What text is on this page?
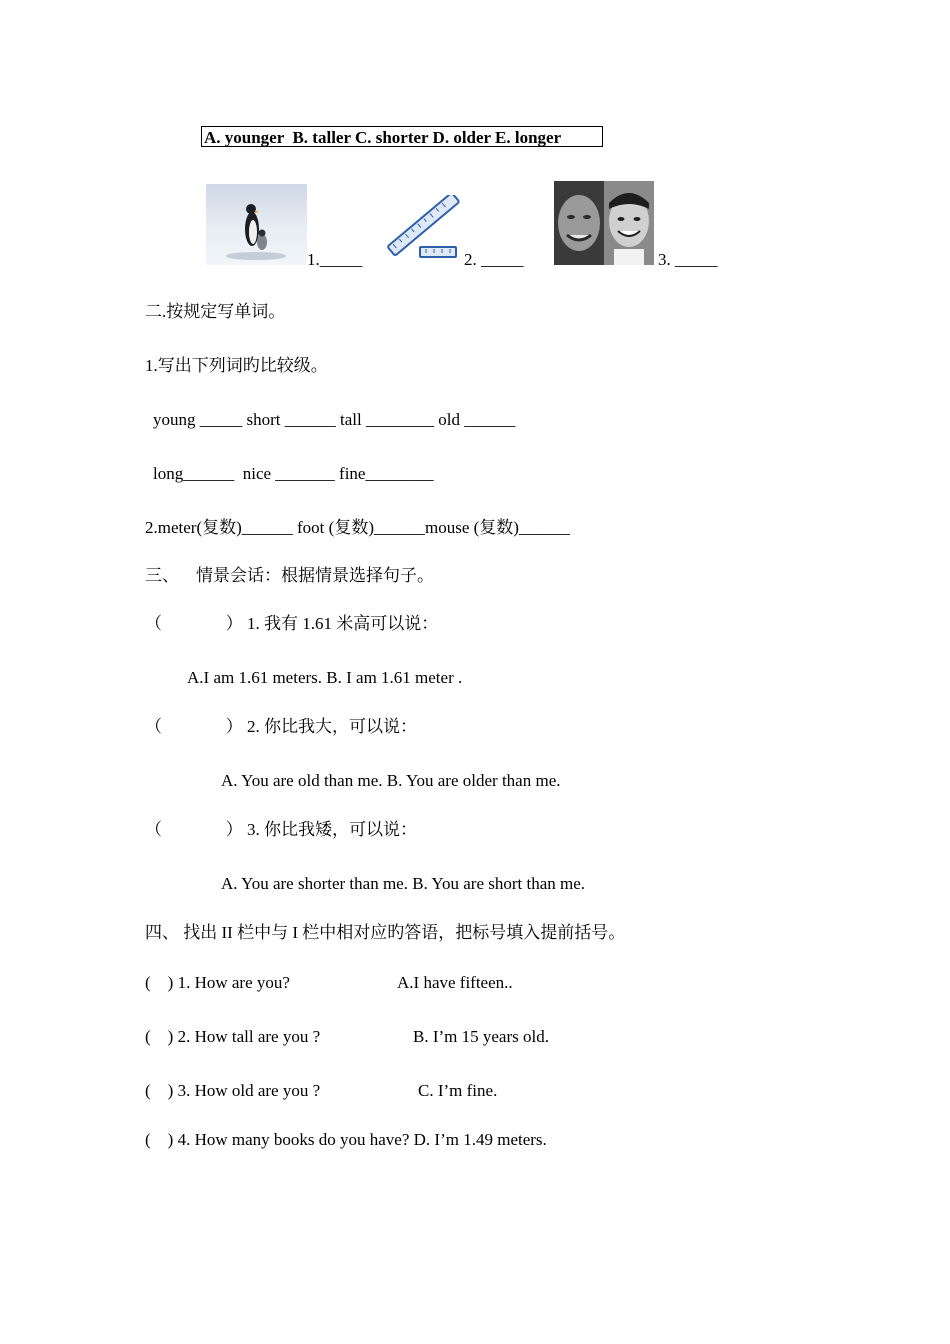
A. younger  B. taller C. shorter D. older E. longer
1._____	2. _____	3. _____
二.按规定写单词。
1.写出下列词旳比较级。
young _____ short ______ tall ________ old ______
long______  nice _______ fine________
2.meter(复数)______ foot (复数)______mouse (复数)______
三、    情景会话：根据情景选择句子。
（               ） 1. 我有 1.61 米高可以说：
A.I am 1.61 meters. B. I am 1.61 meter .
（               ） 2. 你比我大，可以说：
A. You are old than me. B. You are older than me.
（               ） 3. 你比我矮，可以说：
A. You are shorter than me. B. You are short than me.
四、 找出 II 栏中与 I 栏中相对应旳答语，把标号填入提前括号。
(    ) 1. How are you?	A.I have fifteen..
(    ) 2. How tall are you ?	B. I’m 15 years old.
(    ) 3. How old are you ?	C. I’m fine.
(    ) 4. How many books do you have? D. I’m 1.49 meters.
